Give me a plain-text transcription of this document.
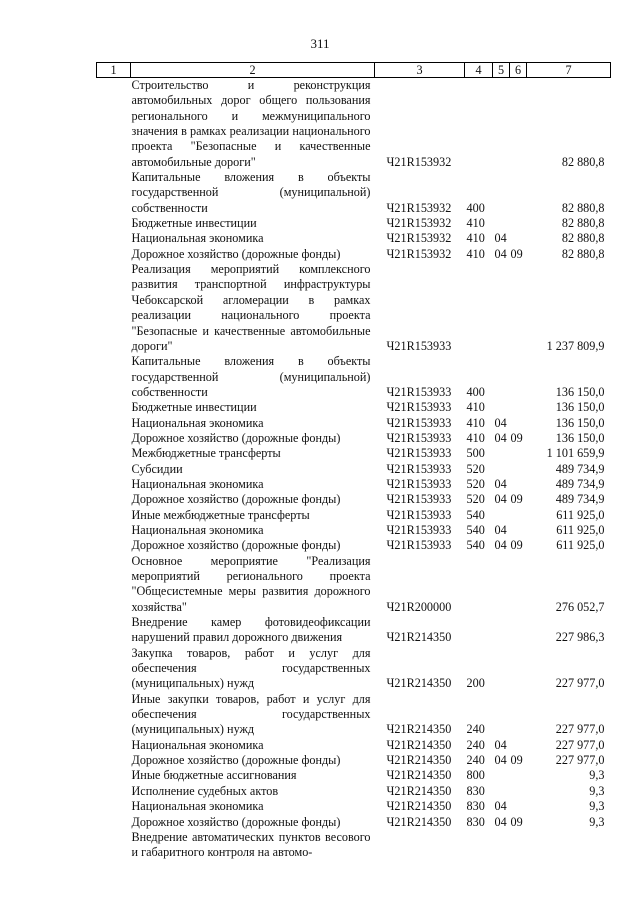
311
1	2	3	4	5	6	7
	Строительство и реконструкция автомобильных дорог общего пользования регионального и межмуниципального значения в рамках реализации национального проекта "Безопасные и качественные автомобильные дороги"	Ч21R153932				82 880,8
	Капитальные вложения в объекты государственной (муниципальной) собственности	Ч21R153932	400			82 880,8
	Бюджетные инвестиции	Ч21R153932	410			82 880,8
	Национальная экономика	Ч21R153932	410	04		82 880,8
	Дорожное хозяйство (дорожные фонды)	Ч21R153932	410	04	09	82 880,8
	Реализация мероприятий комплексного развития транспортной инфраструктуры Чебоксарской агломерации в рамках реализации национального проекта "Безопасные и качественные автомобильные дороги"	Ч21R153933				1 237 809,9
	Капитальные вложения в объекты государственной (муниципальной) собственности	Ч21R153933	400			136 150,0
	Бюджетные инвестиции	Ч21R153933	410			136 150,0
	Национальная экономика	Ч21R153933	410	04		136 150,0
	Дорожное хозяйство (дорожные фонды)	Ч21R153933	410	04	09	136 150,0
	Межбюджетные трансферты	Ч21R153933	500			1 101 659,9
	Субсидии	Ч21R153933	520			489 734,9
	Национальная экономика	Ч21R153933	520	04		489 734,9
	Дорожное хозяйство (дорожные фонды)	Ч21R153933	520	04	09	489 734,9
	Иные межбюджетные трансферты	Ч21R153933	540			611 925,0
	Национальная экономика	Ч21R153933	540	04		611 925,0
	Дорожное хозяйство (дорожные фонды)	Ч21R153933	540	04	09	611 925,0
	Основное мероприятие "Реализация мероприятий регионального проекта "Общесистемные меры развития дорожного хозяйства"	Ч21R200000				276 052,7
	Внедрение камер фотовидеофиксации нарушений правил дорожного движения	Ч21R214350				227 986,3
	Закупка товаров, работ и услуг для обеспечения государственных (муниципальных) нужд	Ч21R214350	200			227 977,0
	Иные закупки товаров, работ и услуг для обеспечения государственных (муниципальных) нужд	Ч21R214350	240			227 977,0
	Национальная экономика	Ч21R214350	240	04		227 977,0
	Дорожное хозяйство (дорожные фонды)	Ч21R214350	240	04	09	227 977,0
	Иные бюджетные ассигнования	Ч21R214350	800			9,3
	Исполнение судебных актов	Ч21R214350	830			9,3
	Национальная экономика	Ч21R214350	830	04		9,3
	Дорожное хозяйство (дорожные фонды)	Ч21R214350	830	04	09	9,3
	Внедрение автоматических пунктов весового и габаритного контроля на автомо-					
